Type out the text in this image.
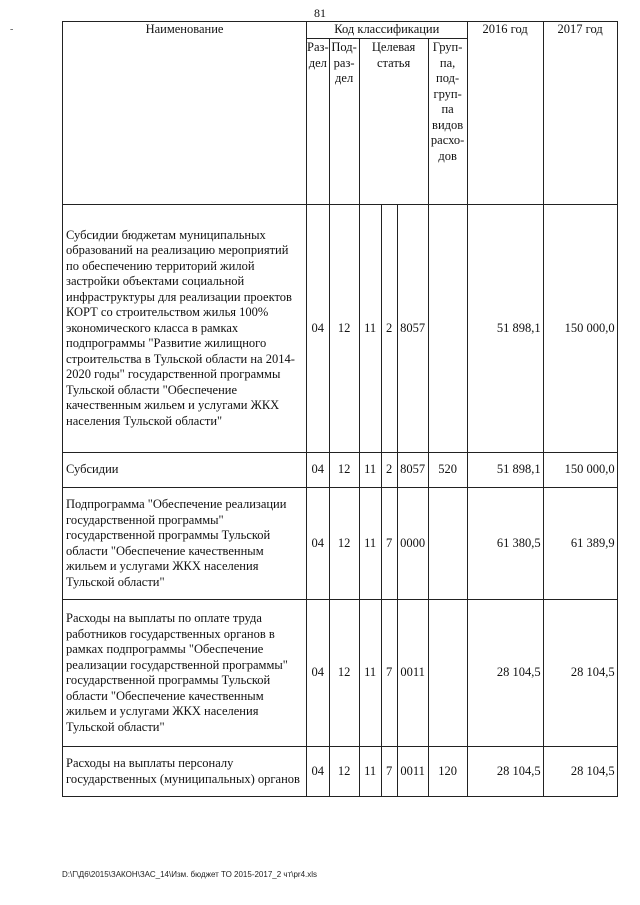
81
-	Наименование	Код классификации						2016 год	2017 год
	Раз-дел	Под-раз-дел	Целевая статья			Груп-па, под-груп-па видов расхо-дов		
Субсидии бюджетам муниципальных образований на реализацию мероприятий по обеспечению территорий жилой застройки объектами социальной инфраструктуры для реализации проектов КОРТ со строительством жилья 100% экономического класса в рамках подпрограммы "Развитие жилищного строительства в Тульской области на 2014-2020 годы" государственной программы Тульской области "Обеспечение качественным жильем и услугами ЖКХ населения Тульской области"	04	12	11	2	8057		51 898,1	150 000,0
Субсидии	04	12	11	2	8057	520	51 898,1	150 000,0
Подпрограмма "Обеспечение реализации государственной программы" государственной программы Тульской области "Обеспечение качественным жильем и услугами ЖКХ населения Тульской области"	04	12	11	7	0000		61 380,5	61 389,9
Расходы на выплаты по оплате труда работников государственных органов в рамках подпрограммы "Обеспечение реализации государственной программы" государственной программы Тульской области "Обеспечение качественным жильем и услугами ЖКХ населения Тульской области"	04	12	11	7	0011		28 104,5	28 104,5
Расходы на выплаты персоналу государственных (муниципальных) органов	04	12	11	7	0011	120	28 104,5	28 104,5
D:\Г\Д6\2015\ЗАКОН\ЗАС_14\Изм. бюджет ТО 2015-2017_2 чт\pr4.xls
